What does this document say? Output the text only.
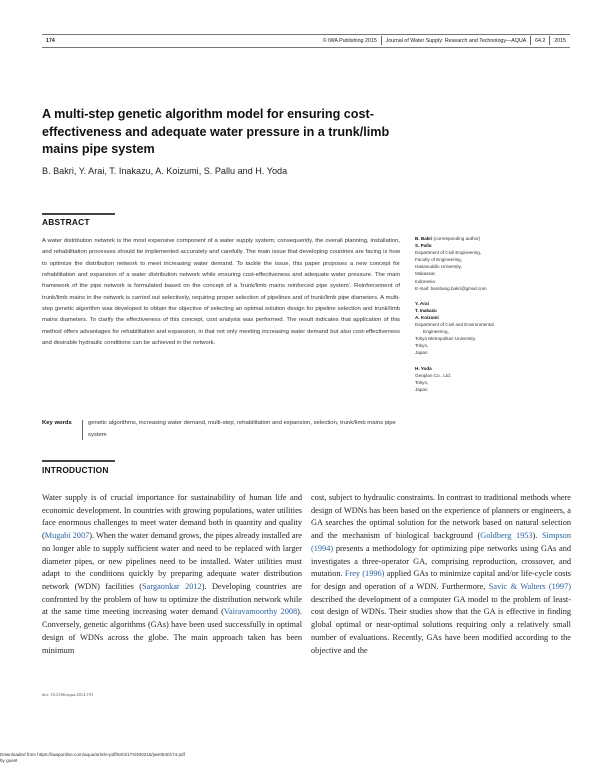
174	© IWA Publishing 2015 Journal of Water Supply: Research and Technology—AQUA 64.2 2015
A multi-step genetic algorithm model for ensuring cost-effectiveness and adequate water pressure in a trunk/limb mains pipe system
B. Bakri, Y. Arai, T. Inakazu, A. Koizumi, S. Pallu and H. Yoda
ABSTRACT

A water distribution network is the most expensive component of a water supply system; consequently, the overall planning, installation, and rehabilitation processes should be implemented accurately and carefully. The main issue that developing countries are facing is how to optimize the distribution network to meet increasing water demand. To tackle the issue, this paper proposes a new concept for rehabilitation and expansion of a water distribution network while ensuring cost-effectiveness and adequate water pressure. The main framework of the pipe network is formulated based on the concept of a ‘trunk/limb mains reinforced pipe system’. Reinforcement of trunk/limb mains in the network is carried out selectively, requiring proper selection of pipelines and of trunk/limb pipe diameters. A multi-step genetic algorithm was developed to obtain the objective of selecting an optimal solution design for pipeline selection and trunk/limb mains diameters. To clarify the effectiveness of this concept, cost analysis was performed. The result indicates that application of this method offers advantages for rehabilitation and expansion, in that not only meeting increasing water demand but also cost-effectiveness and desirable hydraulic conditions can be achieved in the network.

Key words	genetic algorithms, increasing water demand, multi-step, rehabilitation and expansion, selection, trunk/limb mains pipe system
B. Bakri (corresponding author)
S. Pallu
Department of Civil Engineering,
Faculty of Engineering,
Hasanuddin University,
Makassar,
Indonesia
E-mail: bambang.bakri@gmail.com
Y. Arai
T. Inakazu
A. Koizumi
Department of Civil and Environmental
Engineering,
Tokyo Metropolitan University,
Tokyo,
Japan
H. Yoda
Geoplan Co., Ltd,
Tokyo,
Japan
INTRODUCTION

Water supply is of crucial importance for sustainability of human life and economic development. In countries with growing populations, water utilities face enormous challenges to meet water demand both in quantity and quality (Mugabi 2007). When the water demand grows, the pipes already installed are no longer able to supply sufficient water and need to be replaced with larger diameter pipes, or new pipelines need to be installed. Water utilities must adapt to the conditions quickly by preparing adequate water distribution network (WDN) facilities (Sargaonkar 2012). Developing countries are confronted by the problem of how to optimize the distribution network while at the same time meeting increasing water demand (Vairavamoorthy 2008). Conversely, genetic algorithms (GAs) have been used successfully in optimal design of WDNs across the globe. The main approach taken has been minimum

cost, subject to hydraulic constraints. In contrast to traditional methods where design of WDNs has been based on the experience of planners or engineers, a GA searches the optimal solution for the network based on natural selection and the mechanism of biological background (Goldberg 1953). Simpson (1994) presents a methodology for optimizing pipe networks using GAs and investigates a three-operator GA, comprising reproduction, crossover, and mutation. Frey (1996) applied GAs to minimize capital and/or life-cycle costs for design and operation of a WDN. Furthermore, Savic & Walters (1997) described the development of a computer GA model to the problem of least-cost design of WDNs. Their studies show that the GA is effective in finding global optimal or near-optimal solutions requiring only a relatively small number of evaluations. Recently, GAs have been modified according to the objective and the

doi: 10.2166/aqua.2014.191
Downloaded from https://iwaponline.com/aqua/article-pdf/64/2/174/400215/jws0640174.pdf
by guest
